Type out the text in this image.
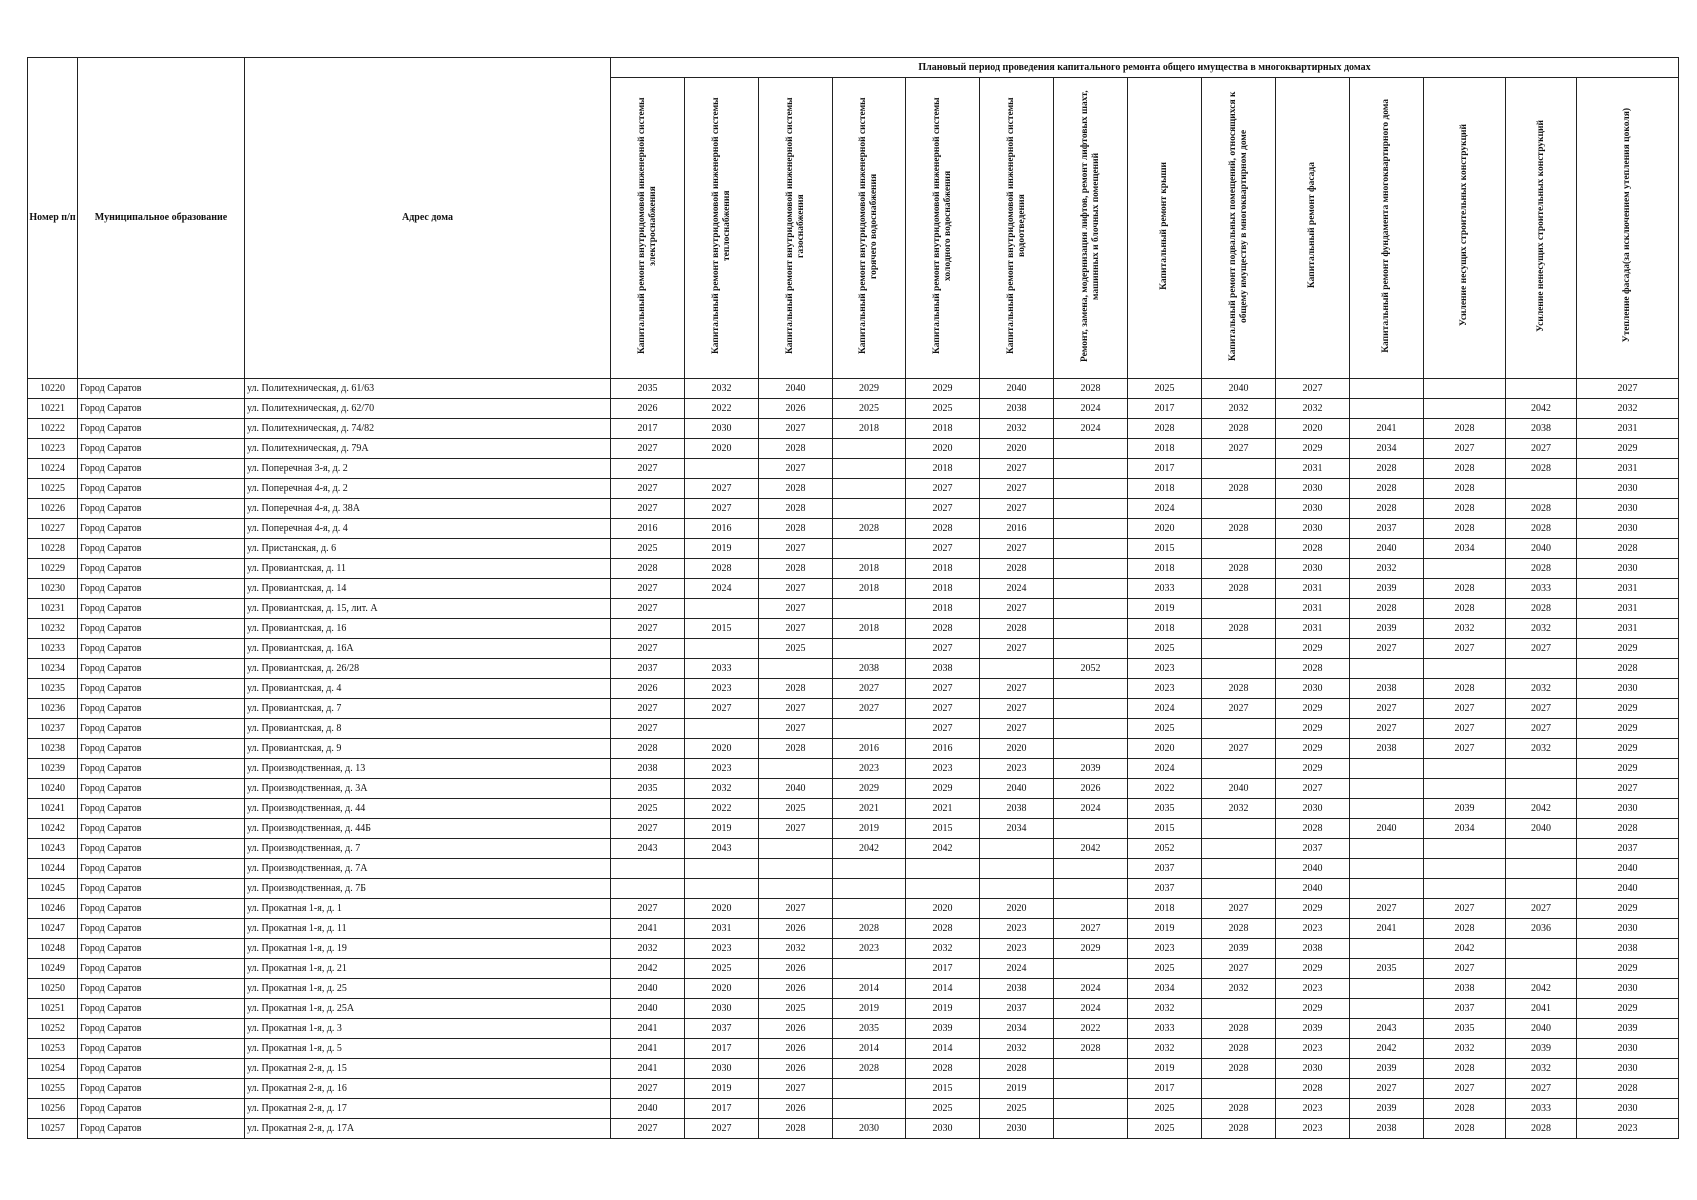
Номер п/п	Муниципальное образование	Адрес дома	Плановый период проведения капитального ремонта общего имущества в многоквартирных домах													
			Капитальный ремонт внутридомовой инженерной системы электроснабжения	Капитальный ремонт внутридомовой инженерной системы теплоснабжения	Капитальный ремонт внутридомовой инженерной системы газоснабжения	Капитальный ремонт внутридомовой инженерной системы горячего водоснабжения	Капитальный ремонт внутридомовой инженерной системы холодного водоснабжения	Капитальный ремонт внутридомовой инженерной системы водоотведения	Ремонт, замена, модернизация лифтов, ремонт лифтовых шахт, машинных и блочных помещений	Капитальный ремонт крыши	Капитальный ремонт подвальных помещений, относящихся к общему имуществу в многоквартирном доме	Капитальный ремонт фасада	Капитальный ремонт фундамента многоквартирного дома	Усиление несущих строительных конструкций	Усиление ненесущих строительных конструкций	Утепление фасада(за исключением утепления цоколя)
10220	Город Саратов	ул. Политехническая, д. 61/63	2035	2032	2040	2029	2029	2040	2028	2025	2040	2027				2027
10221	Город Саратов	ул. Политехническая, д. 62/70	2026	2022	2026	2025	2025	2038	2024	2017	2032	2032			2042	2032
10222	Город Саратов	ул. Политехническая, д. 74/82	2017	2030	2027	2018	2018	2032	2024	2028	2028	2020	2041	2028	2038	2031
10223	Город Саратов	ул. Политехническая, д. 79А	2027	2020	2028		2020	2020		2018	2027	2029	2034	2027	2027	2029
10224	Город Саратов	ул. Поперечная 3-я, д. 2	2027		2027		2018	2027		2017		2031	2028	2028	2028	2031
10225	Город Саратов	ул. Поперечная 4-я, д. 2	2027	2027	2028		2027	2027		2018	2028	2030	2028	2028		2030
10226	Город Саратов	ул. Поперечная 4-я, д. 38А	2027	2027	2028		2027	2027		2024		2030	2028	2028	2028	2030
10227	Город Саратов	ул. Поперечная 4-я, д. 4	2016	2016	2028	2028	2028	2016		2020	2028	2030	2037	2028	2028	2030
10228	Город Саратов	ул. Пристанская, д. 6	2025	2019	2027		2027	2027		2015		2028	2040	2034	2040	2028
10229	Город Саратов	ул. Провиантская, д. 11	2028	2028	2028	2018	2018	2028		2018	2028	2030	2032		2028	2030
10230	Город Саратов	ул. Провиантская, д. 14	2027	2024	2027	2018	2018	2024		2033	2028	2031	2039	2028	2033	2031
10231	Город Саратов	ул. Провиантская, д. 15, лит. А	2027		2027		2018	2027		2019		2031	2028	2028	2028	2031
10232	Город Саратов	ул. Провиантская, д. 16	2027	2015	2027	2018	2028	2028		2018	2028	2031	2039	2032	2032	2031
10233	Город Саратов	ул. Провиантская, д. 16А	2027		2025		2027	2027		2025		2029	2027	2027	2027	2029
10234	Город Саратов	ул. Провиантская, д. 26/28	2037	2033		2038	2038		2052	2023		2028				2028
10235	Город Саратов	ул. Провиантская, д. 4	2026	2023	2028	2027	2027	2027		2023	2028	2030	2038	2028	2032	2030
10236	Город Саратов	ул. Провиантская, д. 7	2027	2027	2027	2027	2027	2027		2024	2027	2029	2027	2027	2027	2029
10237	Город Саратов	ул. Провиантская, д. 8	2027		2027		2027	2027		2025		2029	2027	2027	2027	2029
10238	Город Саратов	ул. Провиантская, д. 9	2028	2020	2028	2016	2016	2020		2020	2027	2029	2038	2027	2032	2029
10239	Город Саратов	ул. Производственная, д. 13	2038	2023		2023	2023	2023	2039	2024		2029				2029
10240	Город Саратов	ул. Производственная, д. 3А	2035	2032	2040	2029	2029	2040	2026	2022	2040	2027				2027
10241	Город Саратов	ул. Производственная, д. 44	2025	2022	2025	2021	2021	2038	2024	2035	2032	2030		2039	2042	2030
10242	Город Саратов	ул. Производственная, д. 44Б	2027	2019	2027	2019	2015	2034		2015		2028	2040	2034	2040	2028
10243	Город Саратов	ул. Производственная, д. 7	2043	2043		2042	2042		2042	2052		2037				2037
10244	Город Саратов	ул. Производственная, д. 7А								2037		2040				2040
10245	Город Саратов	ул. Производственная, д. 7Б								2037		2040				2040
10246	Город Саратов	ул. Прокатная 1-я, д. 1	2027	2020	2027		2020	2020		2018	2027	2029	2027	2027	2027	2029
10247	Город Саратов	ул. Прокатная 1-я, д. 11	2041	2031	2026	2028	2028	2023	2027	2019	2028	2023	2041	2028	2036	2030
10248	Город Саратов	ул. Прокатная 1-я, д. 19	2032	2023	2032	2023	2032	2023	2029	2023	2039	2038		2042		2038
10249	Город Саратов	ул. Прокатная 1-я, д. 21	2042	2025	2026		2017	2024		2025	2027	2029	2035	2027		2029
10250	Город Саратов	ул. Прокатная 1-я, д. 25	2040	2020	2026	2014	2014	2038	2024	2034	2032	2023		2038	2042	2030
10251	Город Саратов	ул. Прокатная 1-я, д. 25А	2040	2030	2025	2019	2019	2037	2024	2032		2029		2037	2041	2029
10252	Город Саратов	ул. Прокатная 1-я, д. 3	2041	2037	2026	2035	2039	2034	2022	2033	2028	2039	2043	2035	2040	2039
10253	Город Саратов	ул. Прокатная 1-я, д. 5	2041	2017	2026	2014	2014	2032	2028	2032	2028	2023	2042	2032	2039	2030
10254	Город Саратов	ул. Прокатная 2-я, д. 15	2041	2030	2026	2028	2028	2028		2019	2028	2030	2039	2028	2032	2030
10255	Город Саратов	ул. Прокатная 2-я, д. 16	2027	2019	2027		2015	2019		2017		2028	2027	2027	2027	2028
10256	Город Саратов	ул. Прокатная 2-я, д. 17	2040	2017	2026		2025	2025		2025	2028	2023	2039	2028	2033	2030
10257	Город Саратов	ул. Прокатная 2-я, д. 17А	2027	2027	2028	2030	2030	2030		2025	2028	2023	2038	2028	2028	2023
